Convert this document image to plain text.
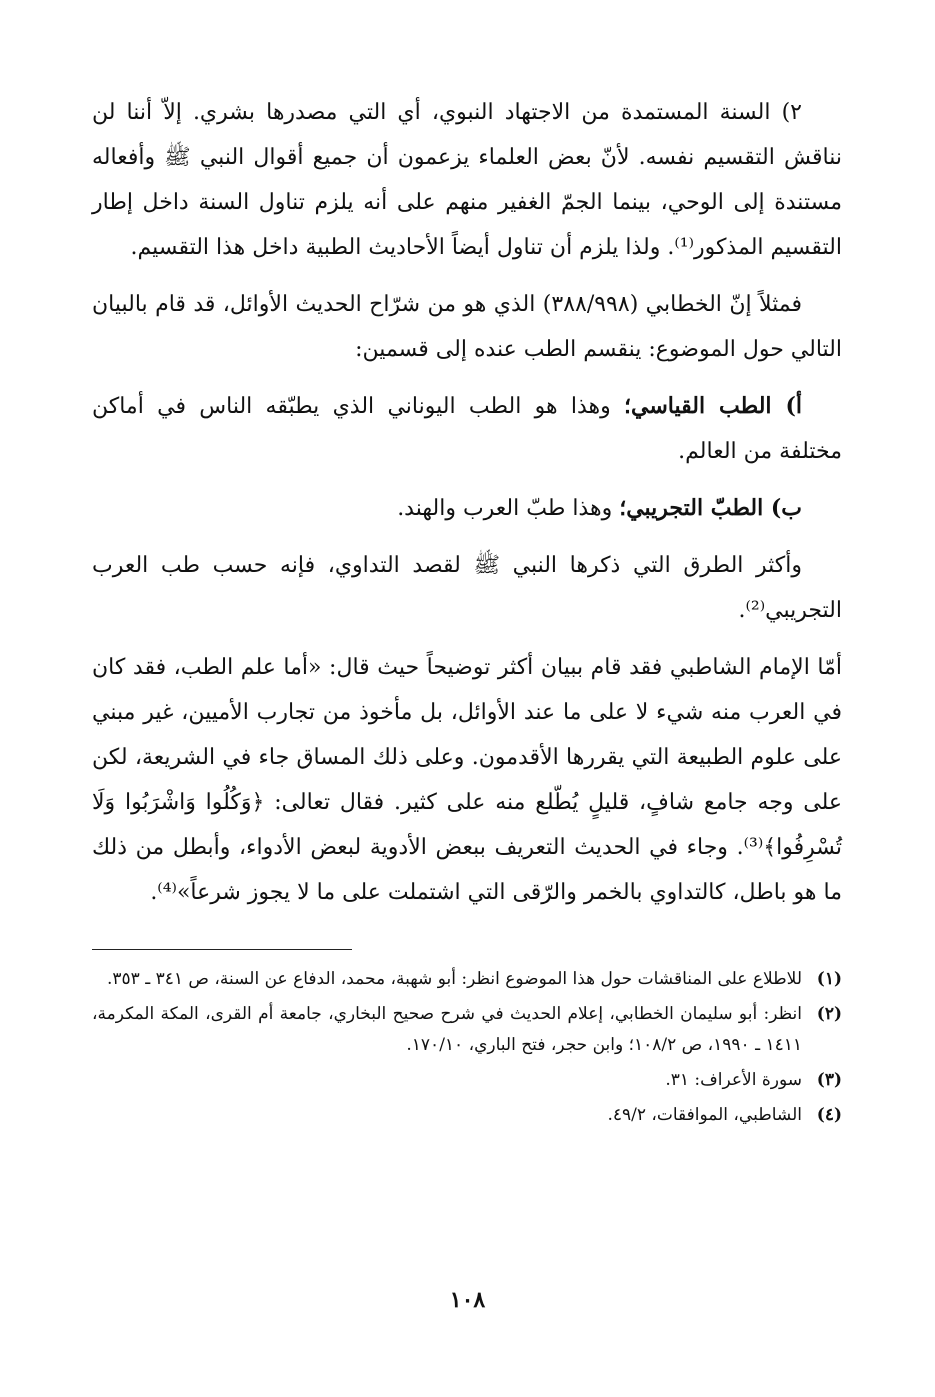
٢) السنة المستمدة من الاجتهاد النبوي، أي التي مصدرها بشري. إلاّ أننا لن نناقش التقسيم نفسه. لأنّ بعض العلماء يزعمون أن جميع أقوال النبي ﷺ وأفعاله مستندة إلى الوحي، بينما الجمّ الغفير منهم على أنه يلزم تناول السنة داخل إطار التقسيم المذكور⁽¹⁾. ولذا يلزم أن تناول أيضاً الأحاديث الطبية داخل هذا التقسيم.

فمثلاً إنّ الخطابي (٣٨٨/٩٩٨) الذي هو من شرّاح الحديث الأوائل، قد قام بالبيان التالي حول الموضوع: ينقسم الطب عنده إلى قسمين:

أ) الطب القياسي؛ وهذا هو الطب اليوناني الذي يطبّقه الناس في أماكن مختلفة من العالم.

ب) الطبّ التجريبي؛ وهذا طبّ العرب والهند.

وأكثر الطرق التي ذكرها النبي ﷺ لقصد التداوي، فإنه حسب طب العرب التجريبي⁽²⁾.

أمّا الإمام الشاطبي فقد قام ببيان أكثر توضيحاً حيث قال: «أما علم الطب، فقد كان في العرب منه شيء لا على ما عند الأوائل، بل مأخوذ من تجارب الأميين، غير مبني على علوم الطبيعة التي يقررها الأقدمون. وعلى ذلك المساق جاء في الشريعة، لكن على وجه جامع شافٍ، قليلٍ يُطّلع منه على كثير. فقال تعالى: ﴿وَكُلُوا وَاشْرَبُوا وَلَا تُسْرِفُوا﴾⁽³⁾. وجاء في الحديث التعريف ببعض الأدوية لبعض الأدواء، وأبطل من ذلك ما هو باطل، كالتداوي بالخمر والرّقى التي اشتملت على ما لا يجوز شرعاً»⁽⁴⁾.

(١)
للاطلاع على المناقشات حول هذا الموضوع انظر: أبو شهبة، محمد، الدفاع عن السنة، ص ٣٤١ ـ ٣٥٣.
(٢)
انظر: أبو سليمان الخطابي، إعلام الحديث في شرح صحيح البخاري، جامعة أم القرى، المكة المكرمة، ١٤١١ ـ ١٩٩٠، ص ١٠٨/٢؛ وابن حجر، فتح الباري، ١٧٠/١٠.
(٣)
سورة الأعراف: ٣١.
(٤)
الشاطبي، الموافقات، ٤٩/٢.
١٠٨
